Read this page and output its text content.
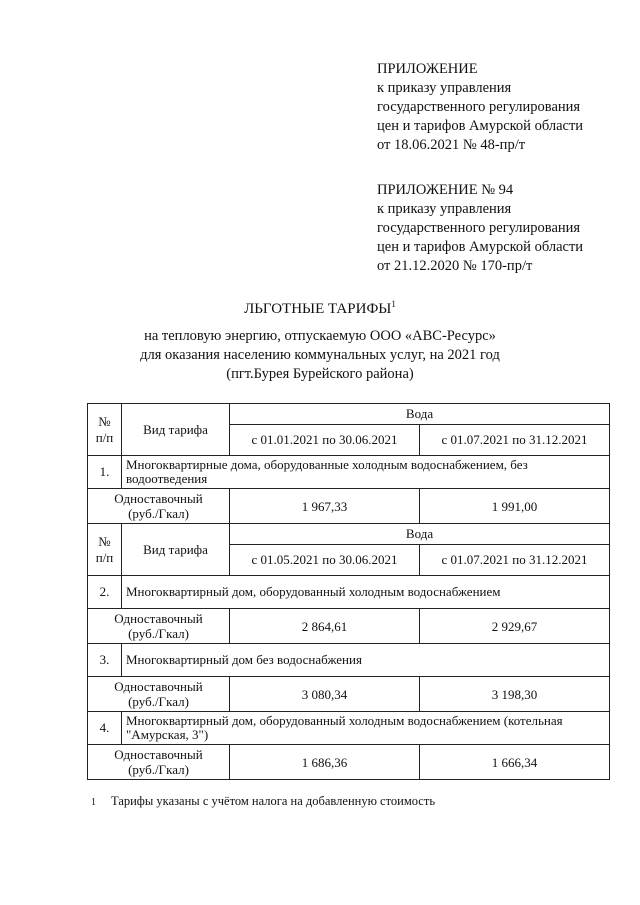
ПРИЛОЖЕНИЕ
к приказу управления
государственного регулирования
цен и тарифов Амурской области
от 18.06.2021 № 48-пр/т
ПРИЛОЖЕНИЕ № 94
к приказу управления
государственного регулирования
цен и тарифов Амурской области
от 21.12.2020 № 170-пр/т
ЛЬГОТНЫЕ ТАРИФЫ$^1$
на тепловую энергию, отпускаемую ООО «АВС-Ресурс»
для оказания населению коммунальных услуг, на 2021 год
(пгт.Бурея Бурейского района)
№ п/п	Вид тарифа	Вода	
		с 01.01.2021 по 30.06.2021	с 01.07.2021 по 31.12.2021
1.	Многоквартирные дома, оборудованные холодным водоснабжением, без водоотведения		
Одноставочный
(руб./Гкал)		1 967,33	1 991,00
№ п/п	Вид тарифа	Вода	
		с 01.05.2021 по 30.06.2021	с 01.07.2021 по 31.12.2021
2.	Многоквартирный дом, оборудованный холодным водоснабжением		
Одноставочный
(руб./Гкал)		2 864,61	2 929,67
3.	Многоквартирный дом без водоснабжения		
Одноставочный
(руб./Гкал)		3 080,34	3 198,30
4.	Многоквартирный дом, оборудованный холодным водоснабжением (котельная "Амурская, 3")		
Одноставочный
(руб./Гкал)		1 686,36	1 666,34
1 Тарифы указаны с учётом налога на добавленную стоимость
